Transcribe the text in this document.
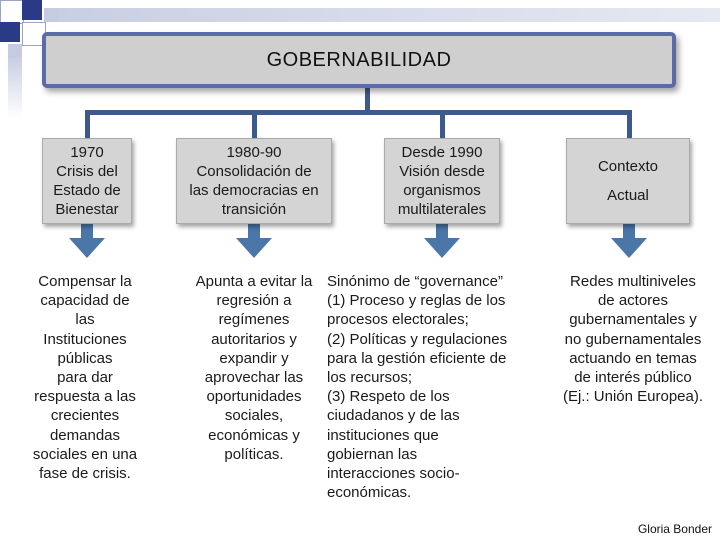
GOBERNABILIDAD
1970
Crisis del
Estado de
Bienestar
1980-90
Consolidación de
las democracias en
transición
Desde 1990
Visión desde
organismos
multilaterales
Contexto
Actual
Compensar la
capacidad de
las
Instituciones
públicas
para dar
respuesta a las
crecientes
demandas
sociales en una
fase de crisis.
Apunta a evitar la
regresión a
regímenes
autoritarios y
expandir y
aprovechar las
oportunidades
sociales,
económicas y
políticas.
Sinónimo de “governance”
(1) Proceso y reglas de los
procesos electorales;
(2) Políticas y regulaciones
para la gestión eficiente de
los recursos;
(3) Respeto de los
ciudadanos y de las
instituciones que
gobiernan las
interacciones socio-
económicas.
Redes multiniveles
de actores
gubernamentales y
no gubernamentales
actuando en temas
de interés público
(Ej.: Unión Europea).
Gloria Bonder
